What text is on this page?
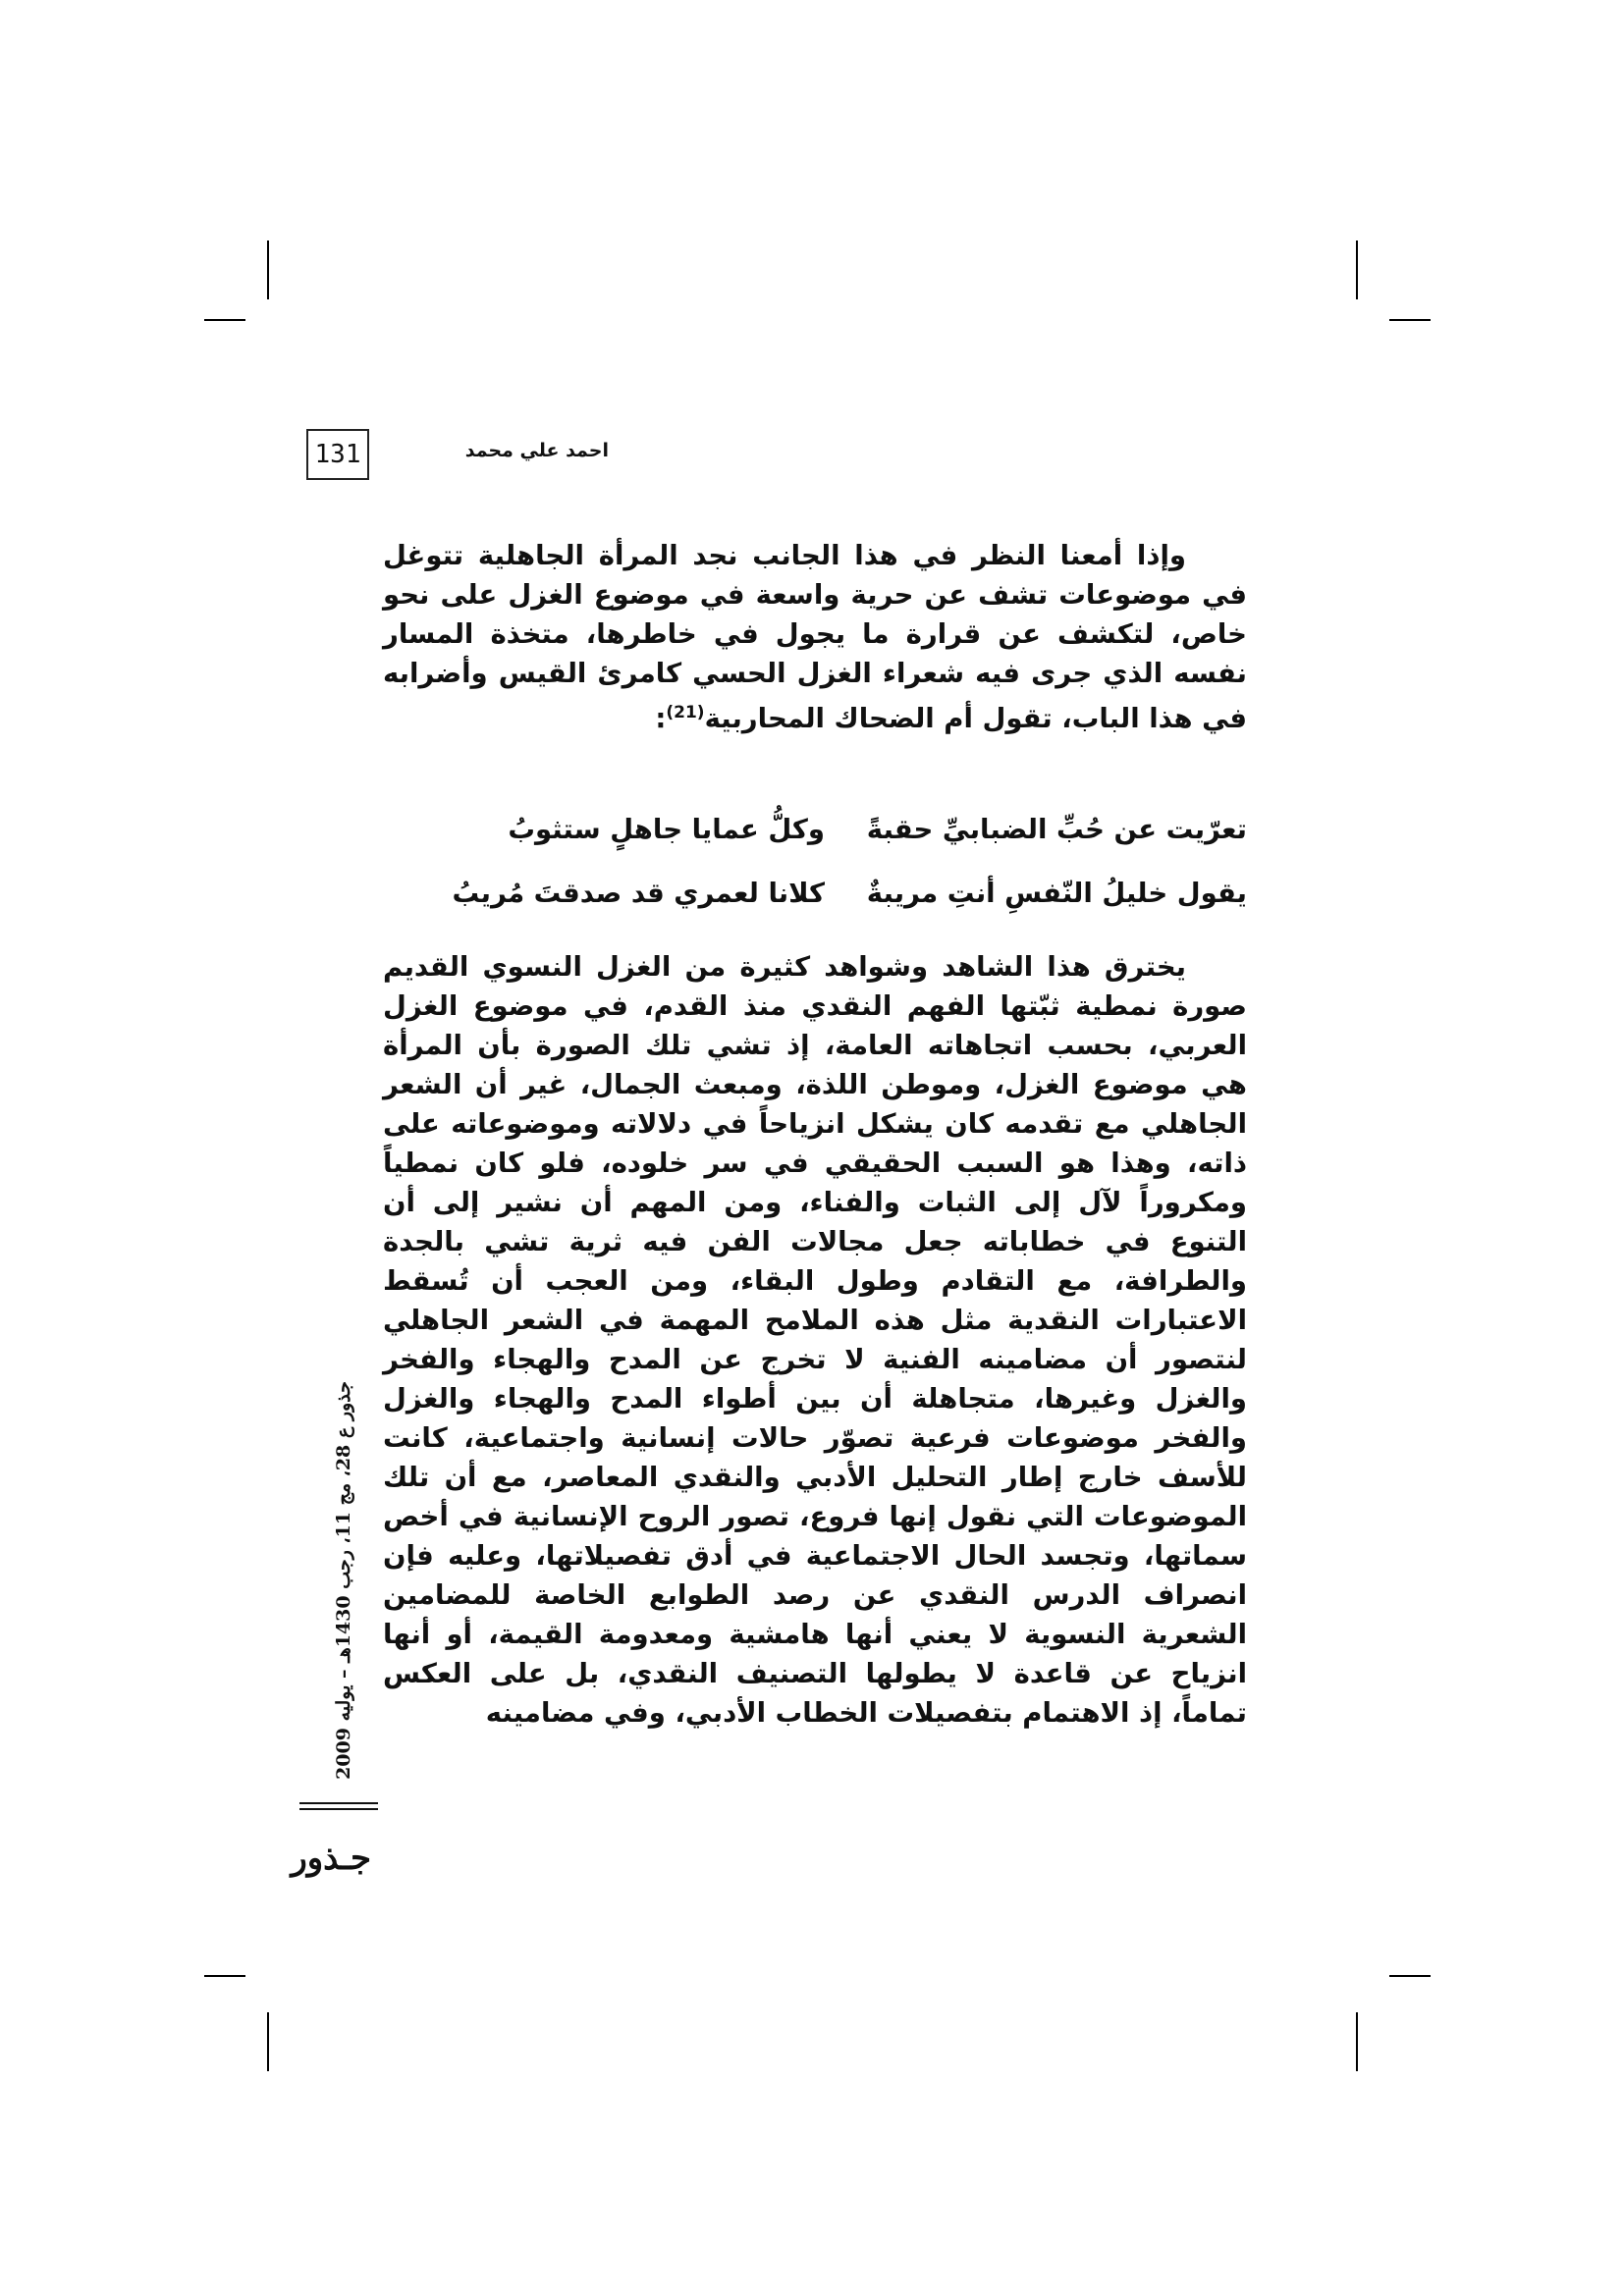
131	احمد علي محمد

وإذا أمعنا النظر في هذا الجانب نجد المرأة الجاهلية تتوغل في موضوعات تشف عن حرية واسعة في موضوع الغزل على نحو خاص، لتكشف عن قرارة ما يجول في خاطرها، متخذة المسار نفسه الذي جرى فيه شعراء الغزل الحسي كامرئ القيس وأضرابه في هذا الباب، تقول أم الضحاك المحاربية$^{(21)}$:

تعرّيت عن حُبِّ الضبابيِّ حقبةً
وكلُّ عمايا جاهلٍ ستثوبُ
يقول خليلُ النّفسِ أنتِ مريبةٌ
كلانا لعمري قد صدقتَ مُريبُ

يخترق هذا الشاهد وشواهد كثيرة من الغزل النسوي القديم صورة نمطية ثبّتها الفهم النقدي منذ القدم، في موضوع الغزل العربي، بحسب اتجاهاته العامة، إذ تشي تلك الصورة بأن المرأة هي موضوع الغزل، وموطن اللذة، ومبعث الجمال، غير أن الشعر الجاهلي مع تقدمه كان يشكل انزياحاً في دلالاته وموضوعاته على ذاته، وهذا هو السبب الحقيقي في سر خلوده، فلو كان نمطياً ومكروراً لآل إلى الثبات والفناء، ومن المهم أن نشير إلى أن التنوع في خطاباته جعل مجالات الفن فيه ثرية تشي بالجدة والطرافة، مع التقادم وطول البقاء، ومن العجب أن تُسقط الاعتبارات النقدية مثل هذه الملامح المهمة في الشعر الجاهلي لنتصور أن مضامينه الفنية لا تخرج عن المدح والهجاء والفخر والغزل وغيرها، متجاهلة أن بين أطواء المدح والهجاء والغزل والفخر موضوعات فرعية تصوّر حالات إنسانية واجتماعية، كانت للأسف خارج إطار التحليل الأدبي والنقدي المعاصر، مع أن تلك الموضوعات التي نقول إنها فروع، تصور الروح الإنسانية في أخص سماتها، وتجسد الحال الاجتماعية في أدق تفصيلاتها، وعليه فإن انصراف الدرس النقدي عن رصد الطوابع الخاصة للمضامين الشعرية النسوية لا يعني أنها هامشية ومعدومة القيمة، أو أنها انزياح عن قاعدة لا يطولها التصنيف النقدي، بل على العكس تماماً، إذ الاهتمام بتفصيلات الخطاب الأدبي، وفي مضامينه

جذور ع 28، مج 11، رجب 1430هـ – يوليه 2009
جـذور
